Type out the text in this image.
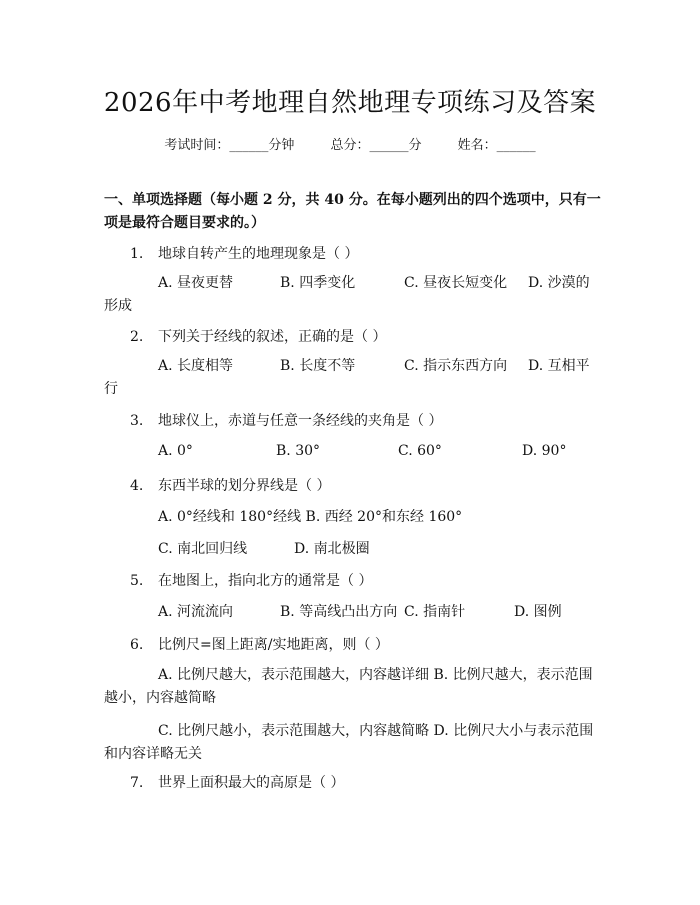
2026年中考地理自然地理专项练习及答案
考试时间：______分钟	总分：______分	姓名：______
一、单项选择题（每小题 2 分，共 40 分。在每小题列出的四个选项中，只有一项是最符合题目要求的。）
1. 地球自转产生的地理现象是（ ）
A. 昼夜更替	B. 四季变化	C. 昼夜长短变化 D. 沙漠的
形成
2. 下列关于经线的叙述，正确的是（ ）
A. 长度相等	B. 长度不等	C. 指示东西方向 D. 互相平
行
3. 地球仪上，赤道与任意一条经线的夹角是（ ）
A. 0°	B. 30°	C. 60°	D. 90°
4. 东西半球的划分界线是（ ）
A. 0°经线和 180°经线 B. 西经 20°和东经 160°
C. 南北回归线	D. 南北极圈
5. 在地图上，指向北方的通常是（ ）
A. 河流流向	B. 等高线凸出方向 C. 指南针	D. 图例
6. 比例尺=图上距离/实地距离，则（ ）
A. 比例尺越大，表示范围越大，内容越详细 B. 比例尺越大，表示范围越小，内容越简略
C. 比例尺越小，表示范围越大，内容越简略 D. 比例尺大小与表示范围和内容详略无关
7. 世界上面积最大的高原是（ ）
